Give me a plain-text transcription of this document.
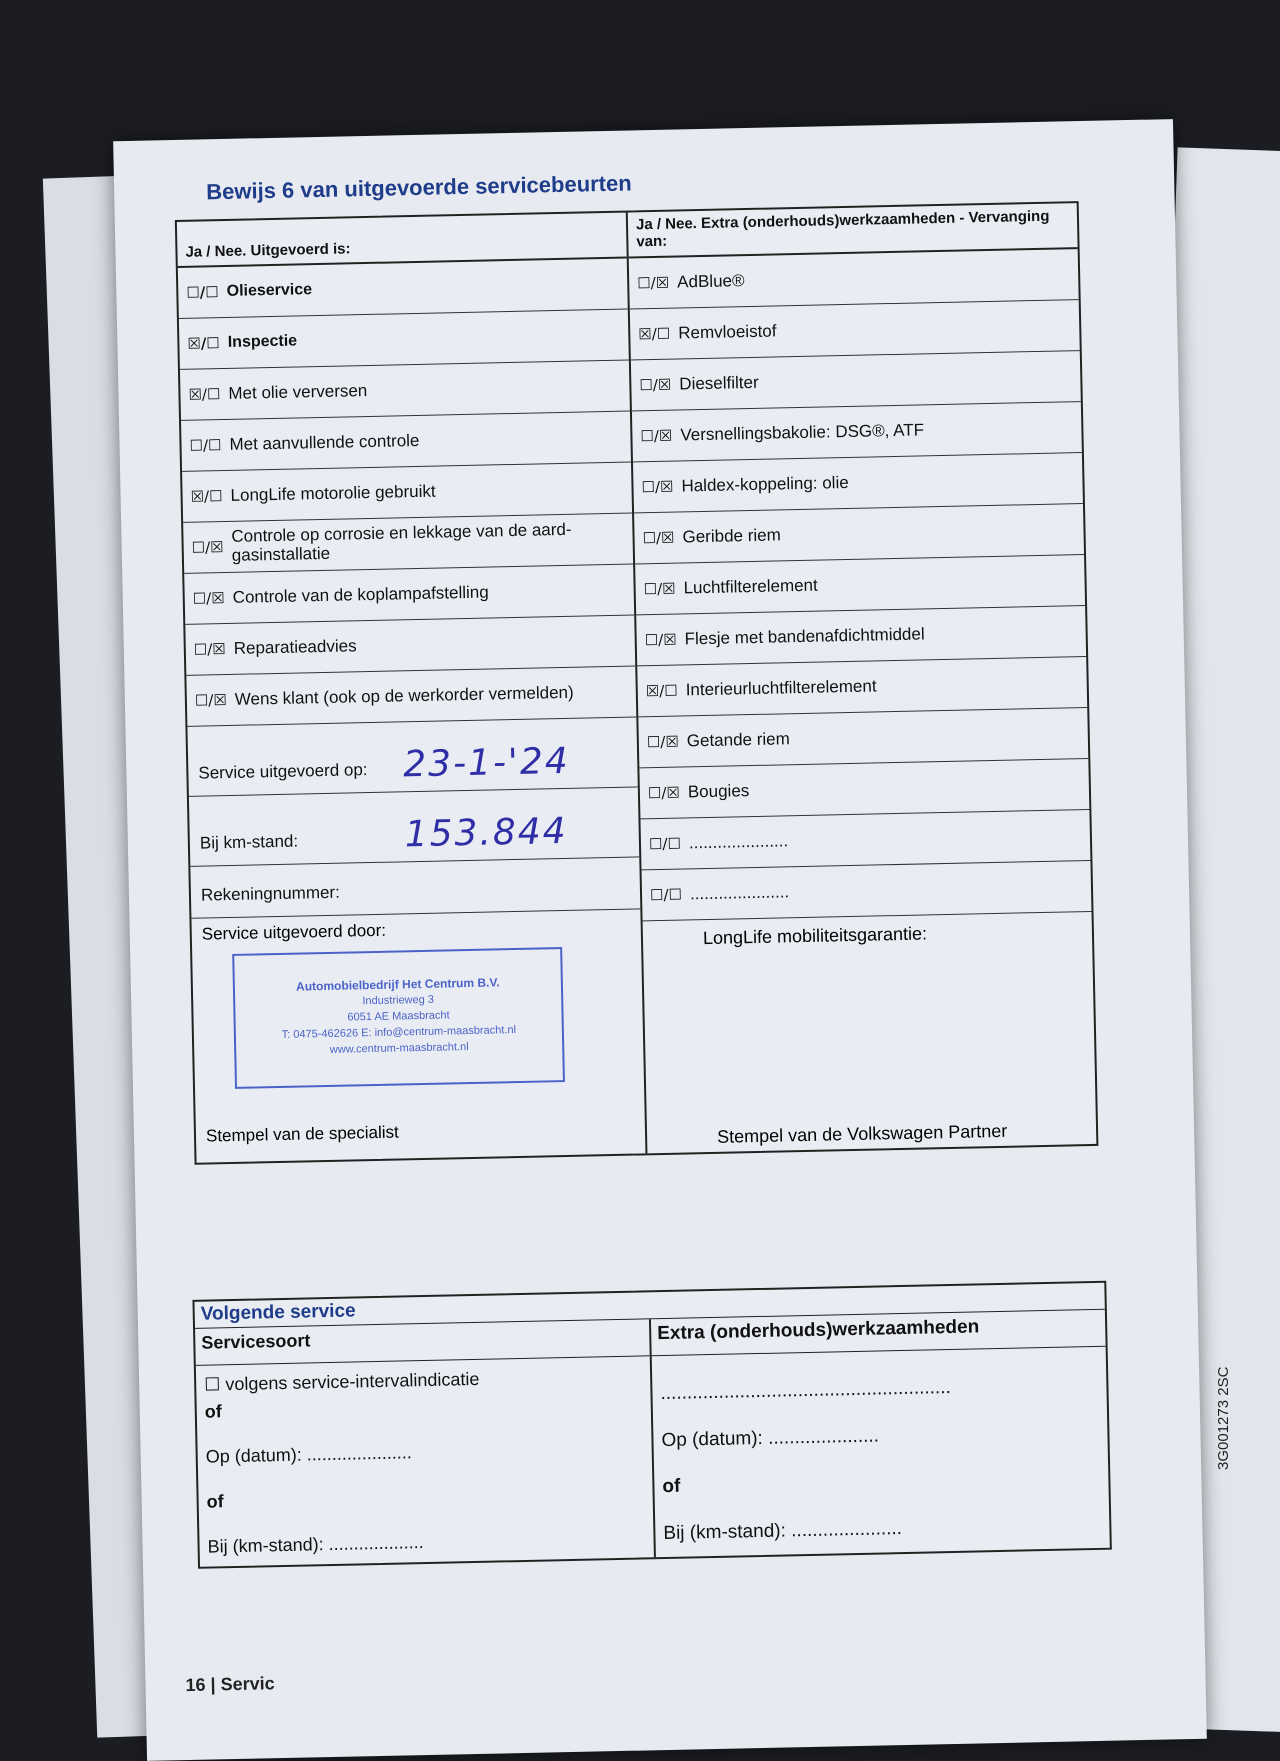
Bewijs 6 van uitgevoerde servicebeurten
Ja / Nee. Uitgevoerd is:
☐/☐ Olieservice
☒/☐ Inspectie
☒/☐ Met olie verversen
☐/☐ Met aanvullende controle
☒/☐ LongLife motorolie gebruikt
☐/☒
Controle op corrosie en lekkage van de aard- gasinstallatie
☐/☒ Controle van de koplampafstelling
☐/☒ Reparatieadvies
☐/☒ Wens klant (ook op de werkorder vermelden)
Service uitgevoerd op: 23-1-'24
Bij km-stand:	153.844
Rekeningnummer:
Service uitgevoerd door:
Automobielbedrijf Het Centrum B.V.
Industrieweg 3
6051 AE Maasbracht
T: 0475-462626 E: info@centrum-maasbracht.nl
www.centrum-maasbracht.nl
Stempel van de specialist
Ja / Nee. Extra (onderhouds)werkzaamheden - Vervanging van:
☐/☒ AdBlue®
☒/☐ Remvloeistof
☐/☒ Dieselfilter
☐/☒ Versnellingsbakolie: DSG®, ATF
☐/☒ Haldex-koppeling: olie
☐/☒ Geribde riem
☐/☒ Luchtfilterelement
☐/☒ Flesje met bandenafdichtmiddel
☒/☐ Interieurluchtfilterelement
☐/☒ Getande riem
☐/☒ Bougies
☐/☐ .....................
☐/☐ .....................
LongLife mobiliteitsgarantie:
Stempel van de Volkswagen Partner
Volgende service
Servicesoort
☐ volgens service-intervalindicatie
of
Op (datum): .....................
of
Bij (km-stand): ...................
Extra (onderhouds)werkzaamheden
.......................................................
Op (datum): .....................
of
Bij (km-stand): .....................
16 | Servic
3G001273 2SC
